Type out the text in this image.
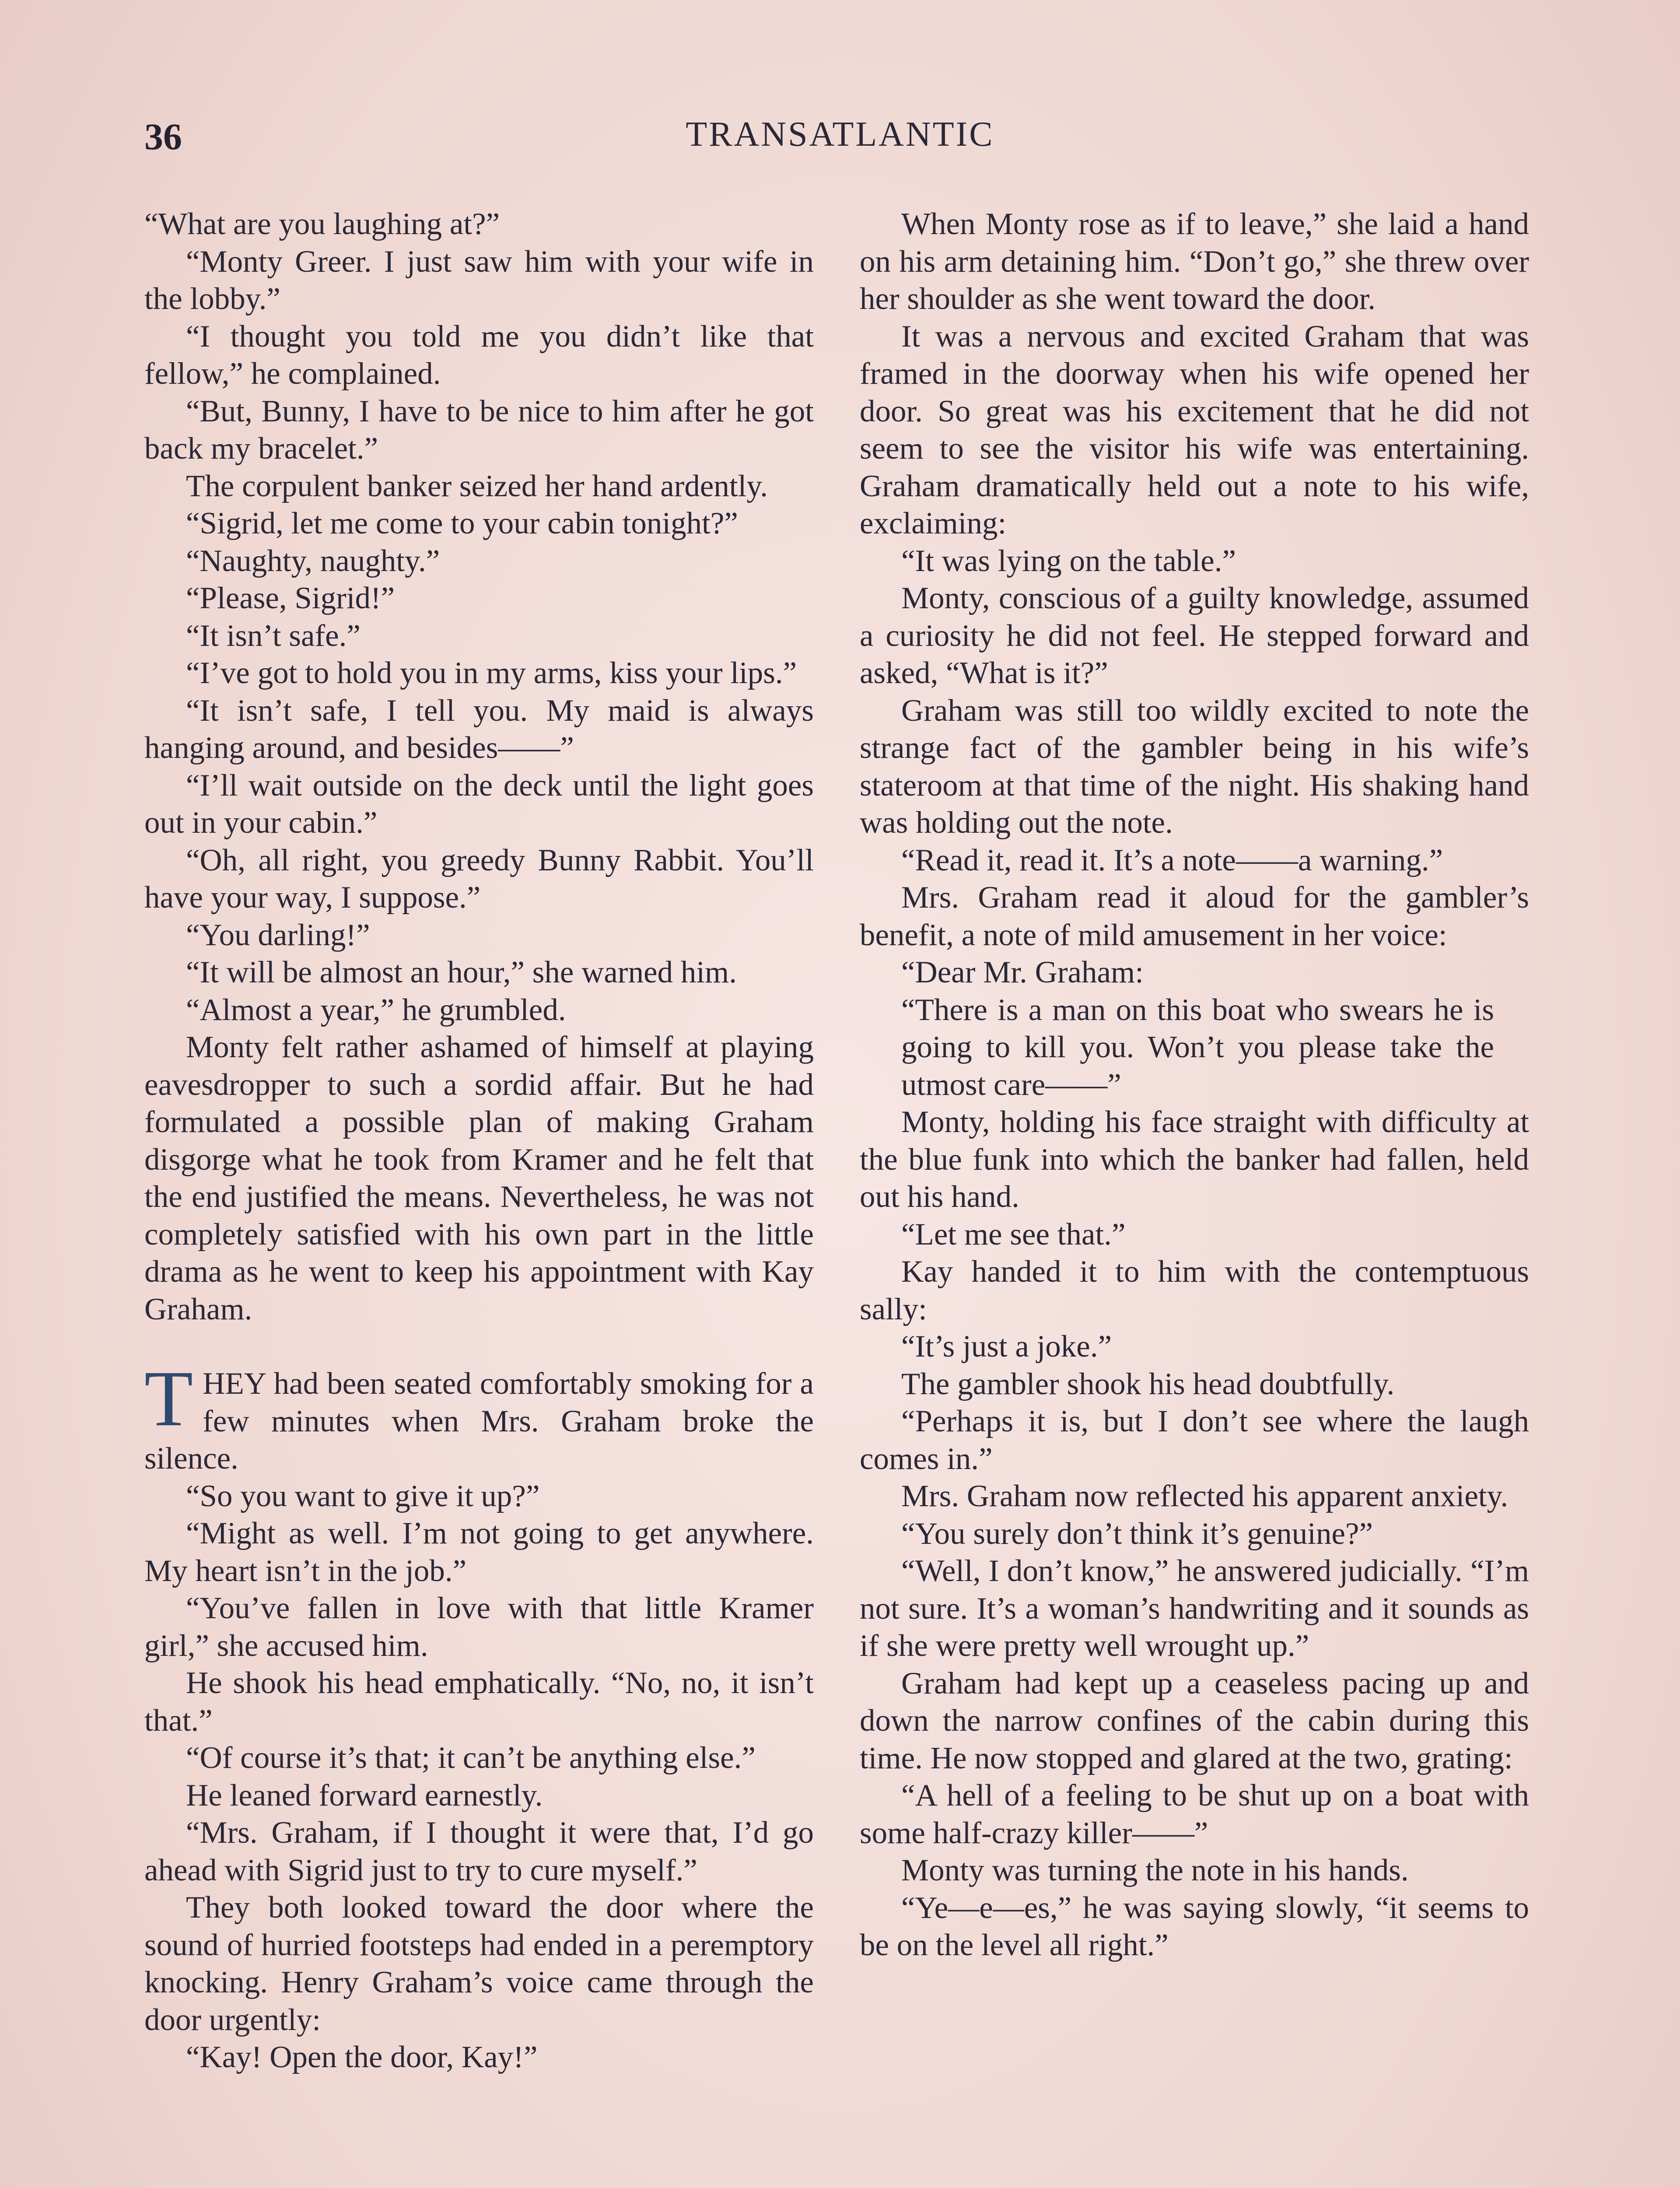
36	TRANSATLANTIC

“What are you laughing at?”

“Monty Greer. I just saw him with your wife in the lobby.”

“I thought you told me you didn’t like that fellow,” he complained.

“But, Bunny, I have to be nice to him after he got back my bracelet.”

The corpulent banker seized her hand ardently.

“Sigrid, let me come to your cabin tonight?”

“Naughty, naughty.”

“Please, Sigrid!”

“It isn’t safe.”

“I’ve got to hold you in my arms, kiss your lips.”

“It isn’t safe, I tell you. My maid is always hanging around, and besides——”

“I’ll wait outside on the deck until the light goes out in your cabin.”

“Oh, all right, you greedy Bunny Rabbit. You’ll have your way, I suppose.”

“You darling!”

“It will be almost an hour,” she warned him.

“Almost a year,” he grumbled.

Monty felt rather ashamed of himself at playing eavesdropper to such a sordid affair. But he had formulated a possible plan of making Graham disgorge what he took from Kramer and he felt that the end justified the means. Nevertheless, he was not completely satisfied with his own part in the little drama as he went to keep his appointment with Kay Graham.

THEY had been seated comfortably smoking for a few minutes when Mrs. Graham broke the silence.

“So you want to give it up?”

“Might as well. I’m not going to get anywhere. My heart isn’t in the job.”

“You’ve fallen in love with that little Kramer girl,” she accused him.

He shook his head emphatically. “No, no, it isn’t that.”

“Of course it’s that; it can’t be anything else.”

He leaned forward earnestly.

“Mrs. Graham, if I thought it were that, I’d go ahead with Sigrid just to try to cure myself.”

They both looked toward the door where the sound of hurried footsteps had ended in a peremptory knocking. Henry Graham’s voice came through the door urgently:

“Kay! Open the door, Kay!”

When Monty rose as if to leave,” she laid a hand on his arm detaining him. “Don’t go,” she threw over her shoulder as she went toward the door.

It was a nervous and excited Graham that was framed in the doorway when his wife opened her door. So great was his excitement that he did not seem to see the visitor his wife was entertaining. Graham dramatically held out a note to his wife, exclaiming:

“It was lying on the table.”

Monty, conscious of a guilty knowledge, assumed a curiosity he did not feel. He stepped forward and asked, “What is it?”

Graham was still too wildly excited to note the strange fact of the gambler being in his wife’s stateroom at that time of the night. His shaking hand was holding out the note.

“Read it, read it. It’s a note——a warning.”

Mrs. Graham read it aloud for the gambler’s benefit, a note of mild amusement in her voice:

“Dear Mr. Graham:

“There is a man on this boat who swears he is going to kill you. Won’t you please take the utmost care——”

Monty, holding his face straight with difficulty at the blue funk into which the banker had fallen, held out his hand.

“Let me see that.”

Kay handed it to him with the contemptuous sally:

“It’s just a joke.”

The gambler shook his head doubtfully.

“Perhaps it is, but I don’t see where the laugh comes in.”

Mrs. Graham now reflected his apparent anxiety.

“You surely don’t think it’s genuine?”

“Well, I don’t know,” he answered judicially. “I’m not sure. It’s a woman’s handwriting and it sounds as if she were pretty well wrought up.”

Graham had kept up a ceaseless pacing up and down the narrow confines of the cabin during this time. He now stopped and glared at the two, grating:

“A hell of a feeling to be shut up on a boat with some half-crazy killer——”

Monty was turning the note in his hands.

“Ye—e—es,” he was saying slowly, “it seems to be on the level all right.”
